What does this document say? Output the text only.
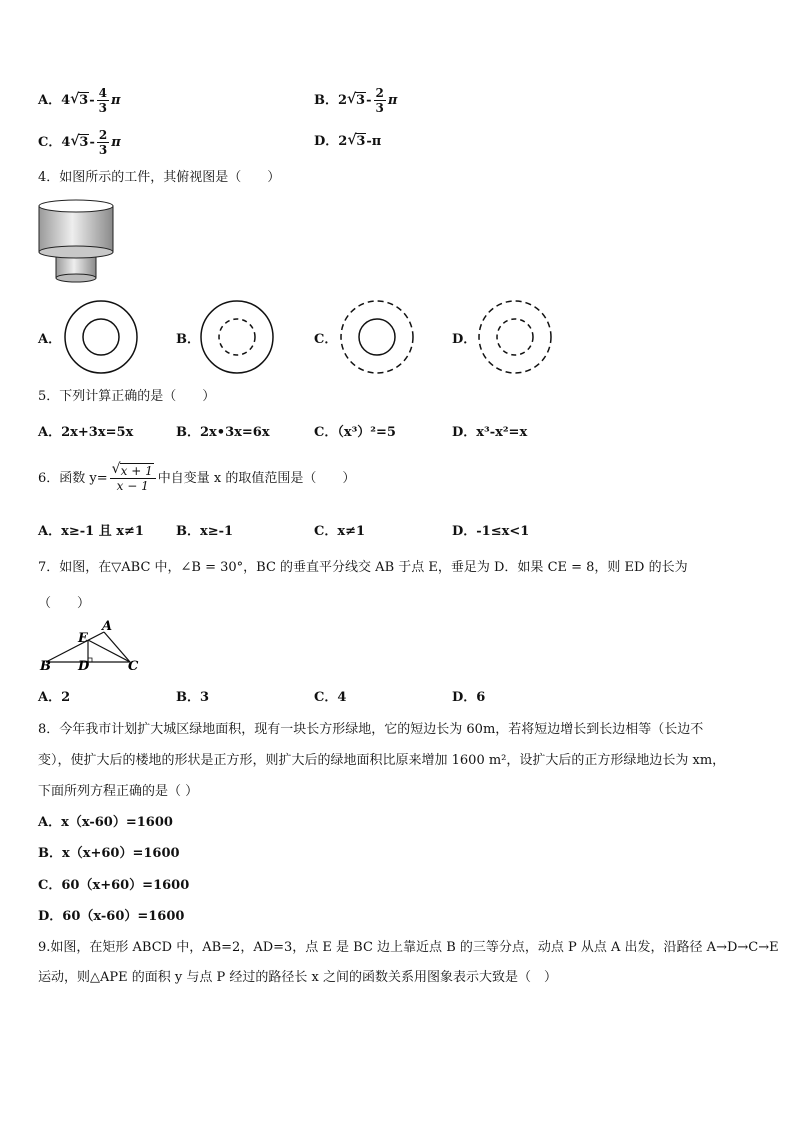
A．4 √ $3- \frac{4}{3}$ π	B．2 √ $3- \frac{2}{3}$ π
C．4 √ $3- \frac{2}{3}$ π	D．2 √ 3-π
4．如图所示的工件，其俯视图是（　　）
A．	B．	C．	D．
5．下列计算正确的是（　　）
A．2x+3x=5x	B．2x•3x=6x	C．（x³）²=5	D．x³-x²=x
6．函数 $y= \frac{√ x + 1}{x - 1}$ 中自变量 x 的取值范围是（　　）
A．x≥-1 且 x≠1 B．x≥-1	C．x≠1	D．-1≤x<1
7．如图，在▽ABC 中，∠B = 30°，BC 的垂直平分线交 AB 于点 E，垂足为 D．如果 CE = 8，则 ED 的长为
（　　）
A
E
B D	C
A．2	B．3	C．4	D．6
8．今年我市计划扩大城区绿地面积，现有一块长方形绿地，它的短边长为 60m，若将短边增长到长边相等（长边不
变），使扩大后的楼地的形状是正方形，则扩大后的绿地面积比原来增加 1600 m²，设扩大后的正方形绿地边长为 xm，
下面所列方程正确的是（ ）
A．x（x-60）=1600
B．x（x+60）=1600
C．60（x+60）=1600
D．60（x-60）=1600
9.如图，在矩形 ABCD 中，AB=2，AD=3，点 E 是 BC 边上靠近点 B 的三等分点，动点 P 从点 A 出发，沿路径 A→D→C→E
运动，则△APE 的面积 y 与点 P 经过的路径长 x 之间的函数关系用图象表示大致是（　）
